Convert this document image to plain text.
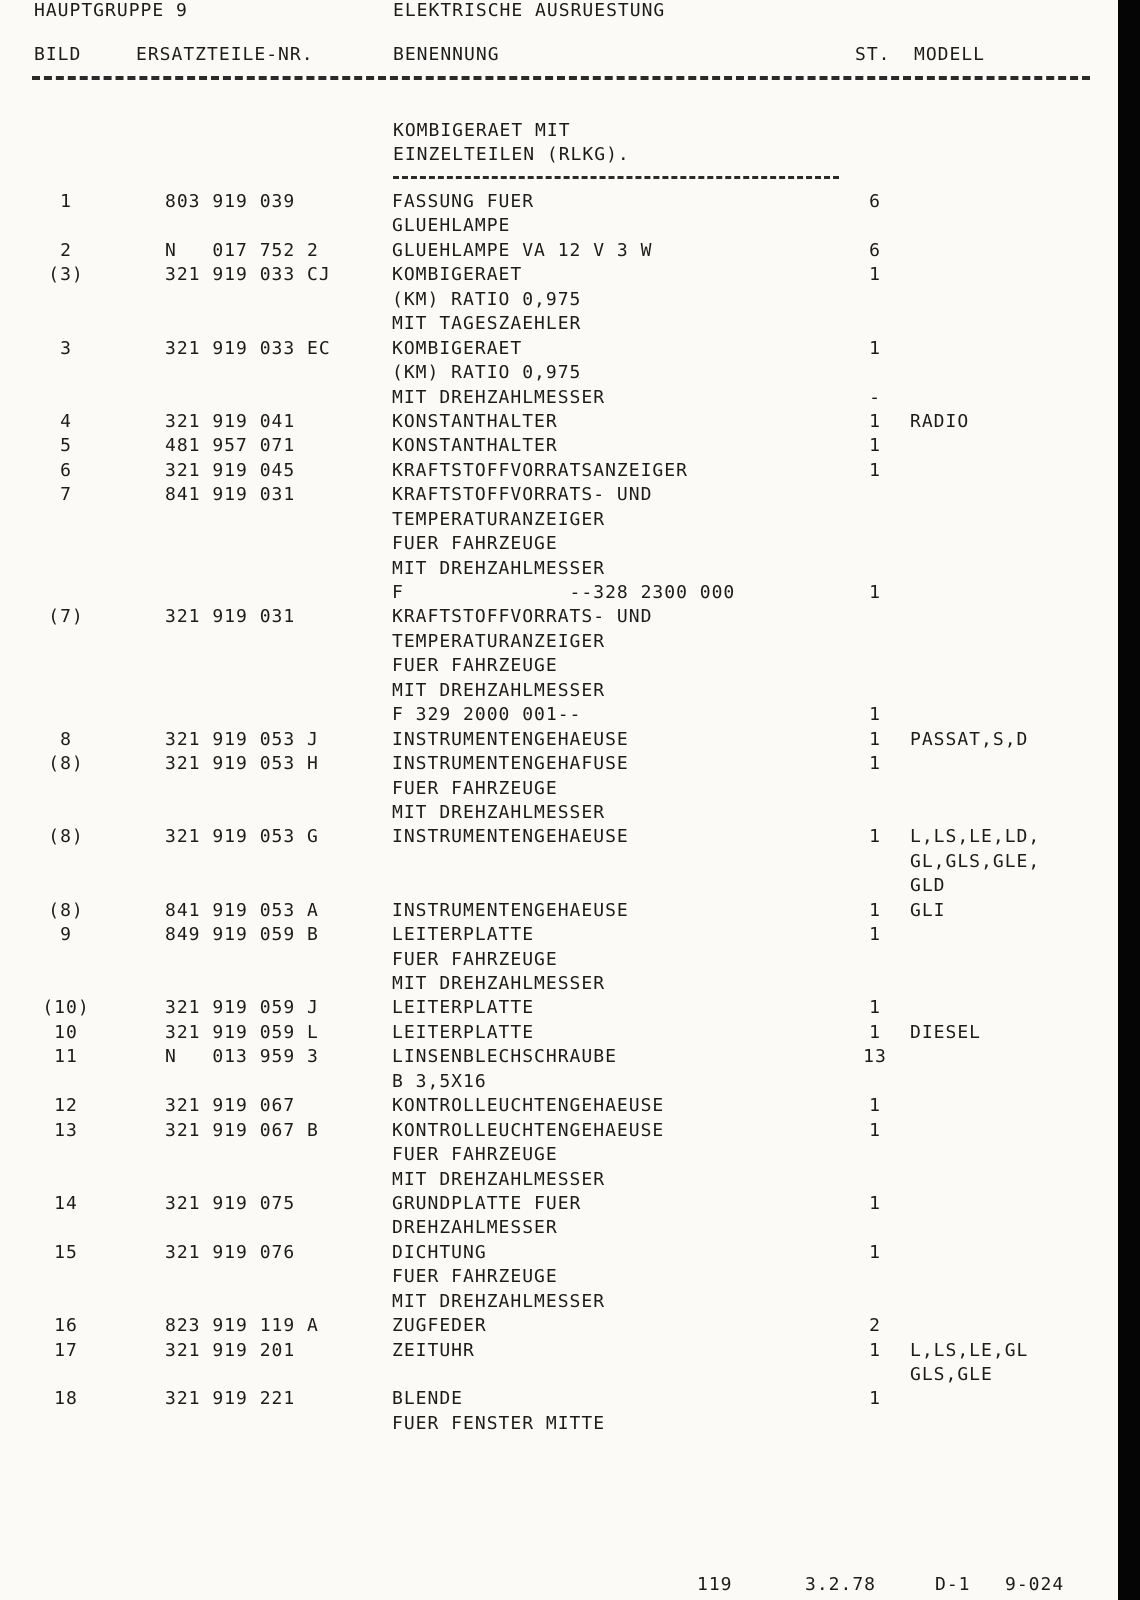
HAUPTGRUPPE 9	ELEKTRISCHE AUSRUESTUNG
BILD	ERSATZTEILE-NR.	BENENNUNG	ST. MODELL
KOMBIGERAET MIT
EINZELTEILEN (RLKG).
1	803 919 039	FASSUNG FUER	6
GLUEHLAMPE
2	N   017 752 2	GLUEHLAMPE VA 12 V 3 W	6
(3)	321 919 033 CJ	KOMBIGERAET	1
(KM) RATIO 0,975
MIT TAGESZAEHLER
3	321 919 033 EC	KOMBIGERAET	1
(KM) RATIO 0,975
MIT DREHZAHLMESSER	-
4	321 919 041	KONSTANTHALTER	1	RADIO
5	481 957 071	KONSTANTHALTER	1
6	321 919 045	KRAFTSTOFFVORRATSANZEIGER	1
7	841 919 031	KRAFTSTOFFVORRATS- UND
TEMPERATURANZEIGER
FUER FAHRZEUGE
MIT DREHZAHLMESSER
F              --328 2300 000	1
(7)	321 919 031	KRAFTSTOFFVORRATS- UND
TEMPERATURANZEIGER
FUER FAHRZEUGE
MIT DREHZAHLMESSER
F 329 2000 001--	1
8	321 919 053 J	INSTRUMENTENGEHAEUSE	1	PASSAT,S,D
(8)	321 919 053 H	INSTRUMENTENGEHAFUSE	1
FUER FAHRZEUGE
MIT DREHZAHLMESSER
(8)	321 919 053 G	INSTRUMENTENGEHAEUSE	1	L,LS,LE,LD,
GL,GLS,GLE,
GLD
(8)	841 919 053 A	INSTRUMENTENGEHAEUSE	1	GLI
9	849 919 059 B	LEITERPLATTE	1
FUER FAHRZEUGE
MIT DREHZAHLMESSER
(10)	321 919 059 J	LEITERPLATTE	1
10	321 919 059 L	LEITERPLATTE	1	DIESEL
11	N   013 959 3	LINSENBLECHSCHRAUBE	13
B 3,5X16
12	321 919 067	KONTROLLEUCHTENGEHAEUSE	1
13	321 919 067 B	KONTROLLEUCHTENGEHAEUSE	1
FUER FAHRZEUGE
MIT DREHZAHLMESSER
14	321 919 075	GRUNDPLATTE FUER	1
DREHZAHLMESSER
15	321 919 076	DICHTUNG	1
FUER FAHRZEUGE
MIT DREHZAHLMESSER
16	823 919 119 A	ZUGFEDER	2
17	321 919 201	ZEITUHR	1	L,LS,LE,GL
GLS,GLE
18	321 919 221	BLENDE	1
FUER FENSTER MITTE
119	3.2.78	D-1 9-024
